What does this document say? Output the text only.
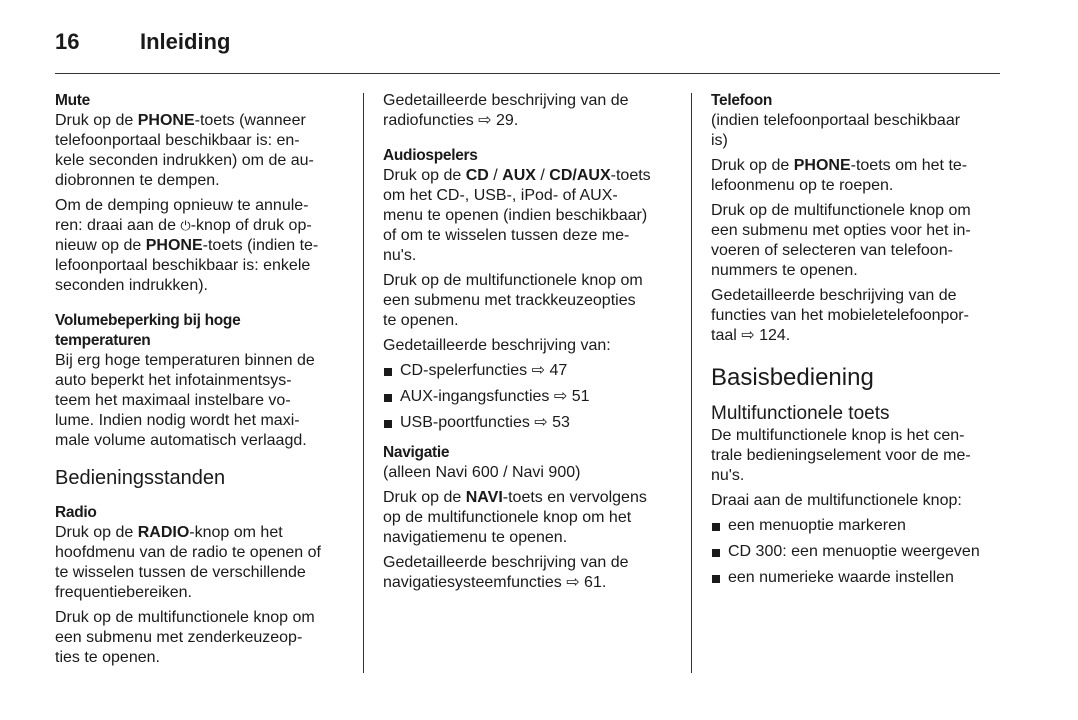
16	Inleiding
Mute

Druk op de PHONE-toets (wanneer
telefoonportaal beschikbaar is: en-
kele seconden indrukken) om de au-
diobronnen te dempen.

Om de demping opnieuw te annule-
ren: draai aan de ⏻-knop of druk op-
nieuw op de PHONE-toets (indien te-
lefoonportaal beschikbaar is: enkele
seconden indrukken).

Volumebeperking bij hoge
temperaturen

Bij erg hoge temperaturen binnen de
auto beperkt het infotainmentsys-
teem het maximaal instelbare vo-
lume. Indien nodig wordt het maxi-
male volume automatisch verlaagd.

Bedieningsstanden
Radio

Druk op de RADIO-knop om het
hoofdmenu van de radio te openen of
te wisselen tussen de verschillende
frequentiebereiken.

Druk op de multifunctionele knop om
een submenu met zenderkeuzeop-
ties te openen.

Gedetailleerde beschrijving van de
radiofuncties ⇨ 29.

Audiospelers

Druk op de CD / AUX / CD/AUX-toets
om het CD-, USB-, iPod- of AUX-
menu te openen (indien beschikbaar)
of om te wisselen tussen deze me-
nu's.

Druk op de multifunctionele knop om
een submenu met trackkeuzeopties
te openen.

Gedetailleerde beschrijving van:

CD-spelerfuncties ⇨ 47
AUX-ingangsfuncties ⇨ 51
USB-poortfuncties ⇨ 53
Navigatie

(alleen Navi 600 / Navi 900)

Druk op de NAVI-toets en vervolgens
op de multifunctionele knop om het
navigatiemenu te openen.

Gedetailleerde beschrijving van de
navigatiesysteemfuncties ⇨ 61.

Telefoon

(indien telefoonportaal beschikbaar
is)

Druk op de PHONE-toets om het te-
lefoonmenu op te roepen.

Druk op de multifunctionele knop om
een submenu met opties voor het in-
voeren of selecteren van telefoon-
nummers te openen.

Gedetailleerde beschrijving van de
functies van het mobieletelefoonpor-
taal ⇨ 124.

Basisbediening
Multifunctionele toets

De multifunctionele knop is het cen-
trale bedieningselement voor de me-
nu's.

Draai aan de multifunctionele knop:

een menuoptie markeren
CD 300: een menuoptie weergeven
een numerieke waarde instellen
